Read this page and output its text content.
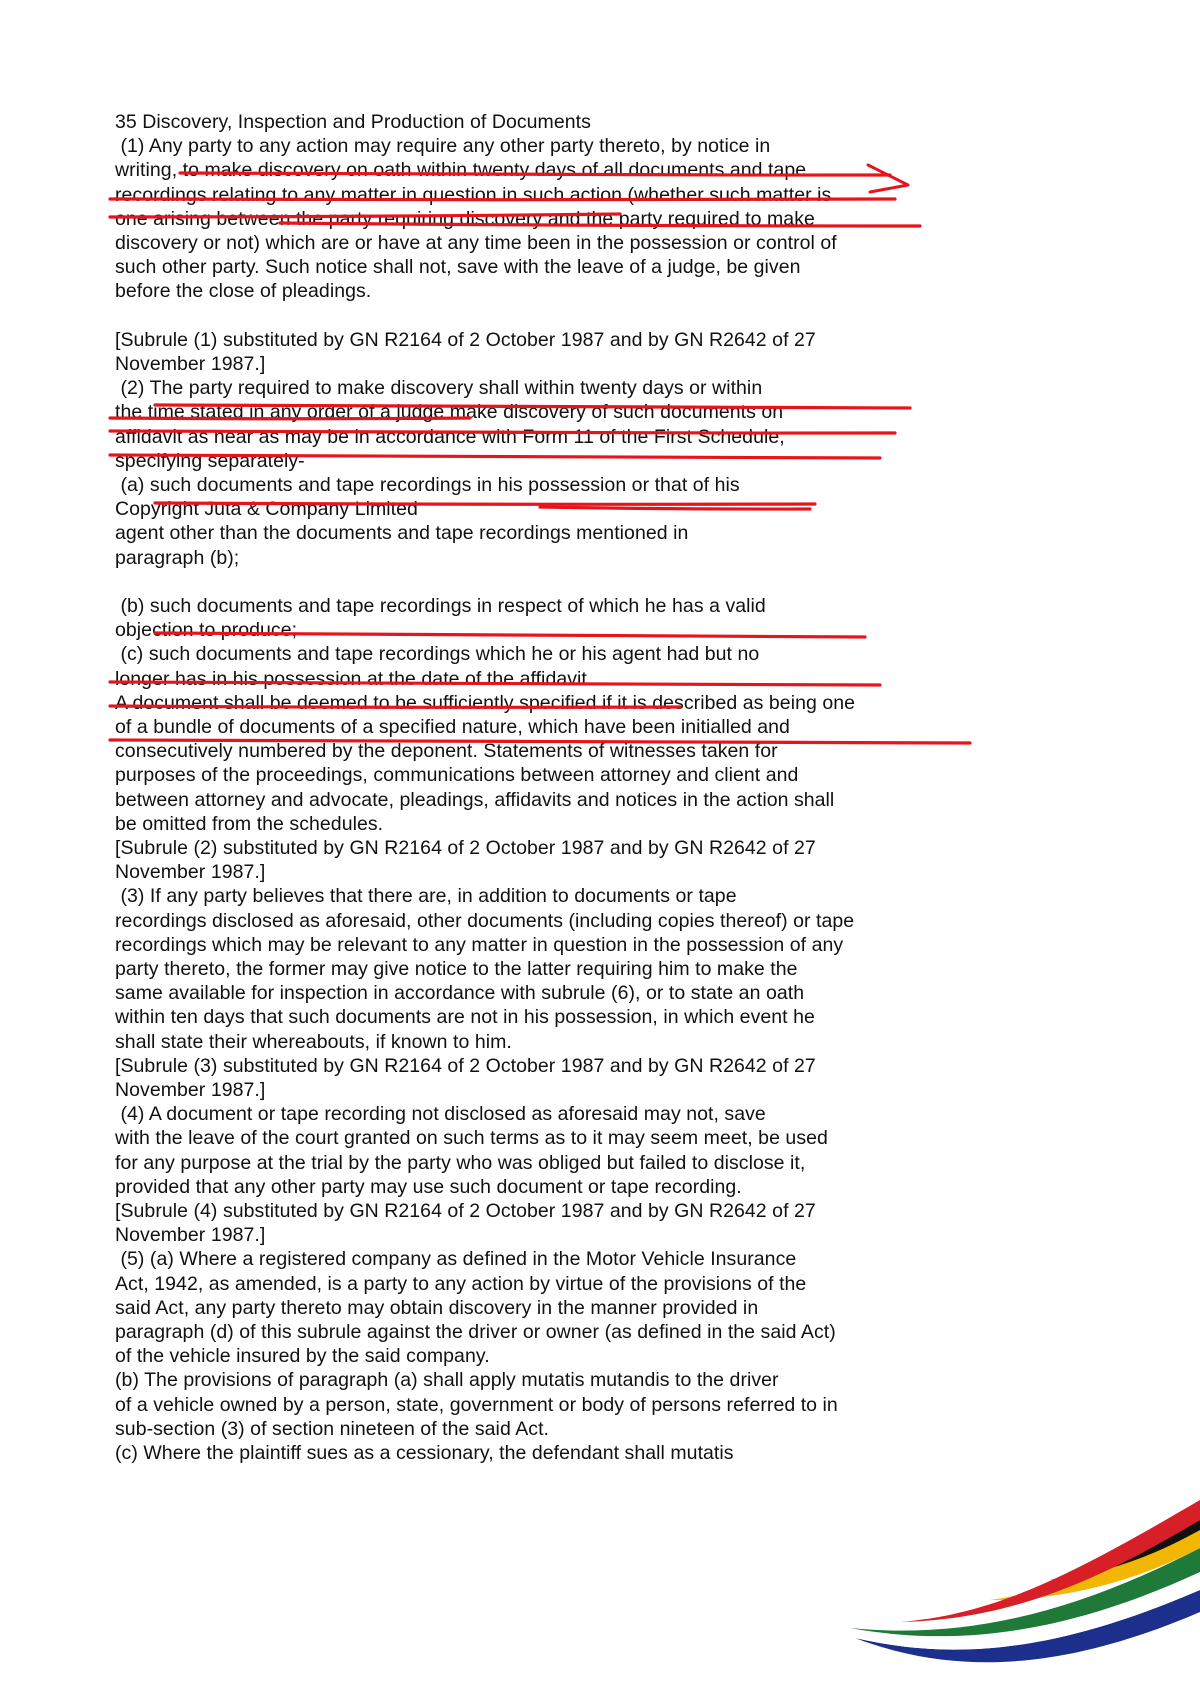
35 Discovery, Inspection and Production of Documents
(1) Any party to any action may require any other party thereto, by notice in
writing, to make discovery on oath within twenty days of all documents and tape
recordings relating to any matter in question in such action (whether such matter is
one arising between the party requiring discovery and the party required to make
discovery or not) which are or have at any time been in the possession or control of
such other party. Such notice shall not, save with the leave of a judge, be given
before the close of pleadings.
[Subrule (1) substituted by GN R2164 of 2 October 1987 and by GN R2642 of 27
November 1987.]
(2) The party required to make discovery shall within twenty days or within
the time stated in any order of a judge make discovery of such documents on
affidavit as near as may be in accordance with Form 11 of the First Schedule,
specifying separately-
(a) such documents and tape recordings in his possession or that of his
Copyright Juta & Company Limited
agent other than the documents and tape recordings mentioned in
paragraph (b);
(b) such documents and tape recordings in respect of which he has a valid
objection to produce;
(c) such documents and tape recordings which he or his agent had but no
longer has in his possession at the date of the affidavit.
A document shall be deemed to be sufficiently specified if it is described as being one
of a bundle of documents of a specified nature, which have been initialled and
consecutively numbered by the deponent. Statements of witnesses taken for
purposes of the proceedings, communications between attorney and client and
between attorney and advocate, pleadings, affidavits and notices in the action shall
be omitted from the schedules.
[Subrule (2) substituted by GN R2164 of 2 October 1987 and by GN R2642 of 27
November 1987.]
(3) If any party believes that there are, in addition to documents or tape
recordings disclosed as aforesaid, other documents (including copies thereof) or tape
recordings which may be relevant to any matter in question in the possession of any
party thereto, the former may give notice to the latter requiring him to make the
same available for inspection in accordance with subrule (6), or to state an oath
within ten days that such documents are not in his possession, in which event he
shall state their whereabouts, if known to him.
[Subrule (3) substituted by GN R2164 of 2 October 1987 and by GN R2642 of 27
November 1987.]
(4) A document or tape recording not disclosed as aforesaid may not, save
with the leave of the court granted on such terms as to it may seem meet, be used
for any purpose at the trial by the party who was obliged but failed to disclose it,
provided that any other party may use such document or tape recording.
[Subrule (4) substituted by GN R2164 of 2 October 1987 and by GN R2642 of 27
November 1987.]
(5) (a) Where a registered company as defined in the Motor Vehicle Insurance
Act, 1942, as amended, is a party to any action by virtue of the provisions of the
said Act, any party thereto may obtain discovery in the manner provided in
paragraph (d) of this subrule against the driver or owner (as defined in the said Act)
of the vehicle insured by the said company.
(b) The provisions of paragraph (a) shall apply mutatis mutandis to the driver
of a vehicle owned by a person, state, government or body of persons referred to in
sub-section (3) of section nineteen of the said Act.
(c) Where the plaintiff sues as a cessionary, the defendant shall mutatis
